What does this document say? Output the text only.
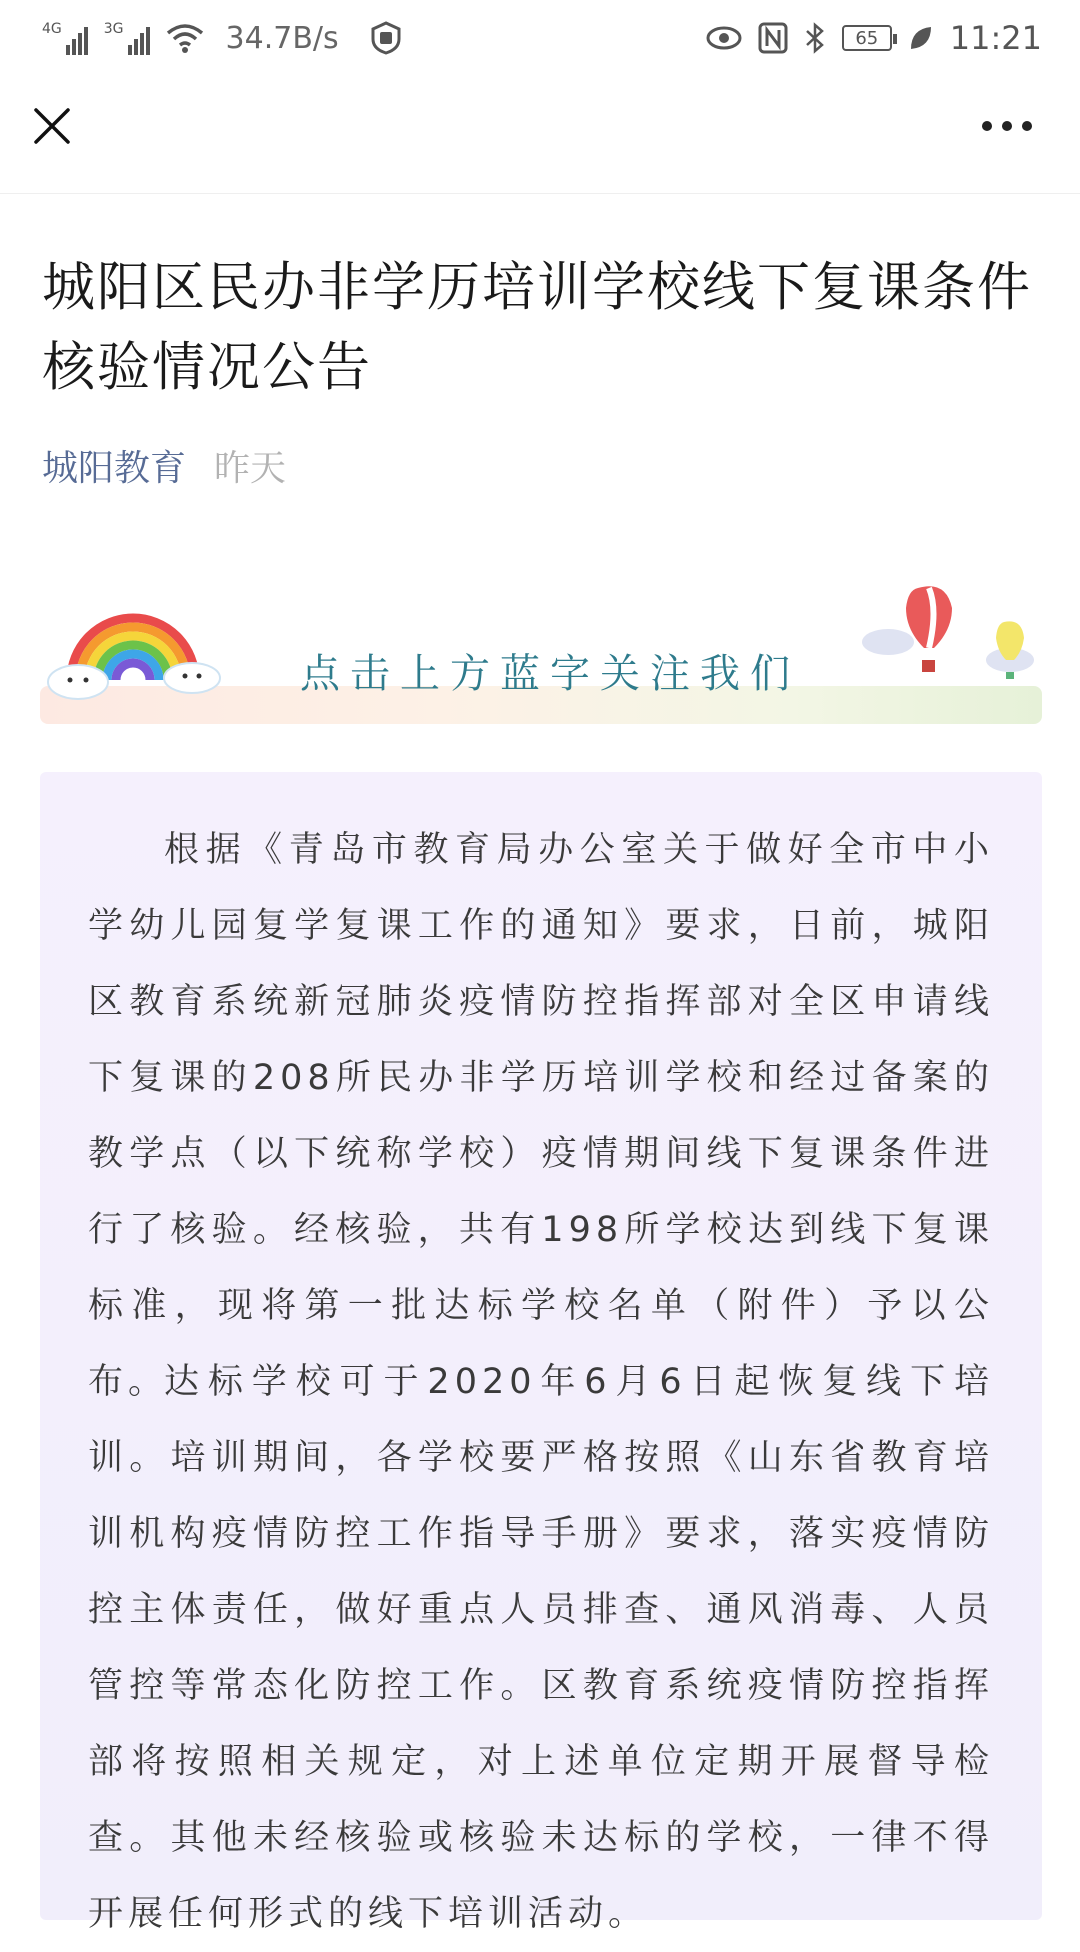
4G	3G	34.7B/s	65 11:21
城阳区民办非学历培训学校线下复课条件核验情况公告
城阳教育 昨天
点击上方蓝字关注我们

根据《青岛市教育局办公室关于做好全市中小学幼儿园复学复课工作的通知》要求，日前，城阳区教育系统新冠肺炎疫情防控指挥部对全区申请线下复课的208所民办非学历培训学校和经过备案的教学点（以下统称学校）疫情期间线下复课条件进行了核验。经核验，共有198所学校达到线下复课标准，现将第一批达标学校名单（附件）予以公布。

达标学校可于2020年6月6日起恢复线下培训。培训期间，各学校要严格按照《山东省教育培训机构疫情防控工作指导手册》要求，落实疫情防控主体责任，做好重点人员排查、通风消毒、人员管控等常态化防控工作。区教育系统疫情防控指挥部将按照相关规定，对上述单位定期开展督导检查。其他未经核验或核验未达标的学校，一律不得开展任何形式的线下培训活动。
